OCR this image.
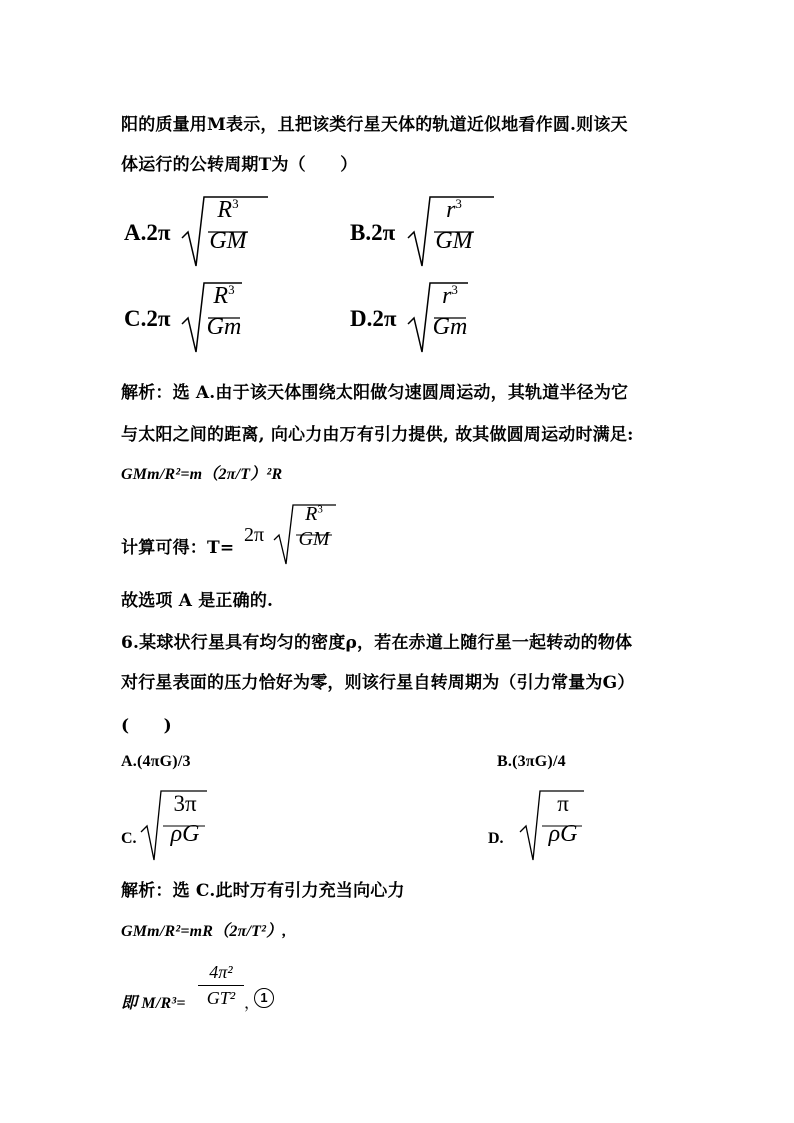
阳的质量用M表示，且把该类行星天体的轨道近似地看作圆.则该天
体运行的公转周期T为（　　）
A.2π
$R^3$
GM	B.2π
$r^3$
GM
C.2π
$R^3$
Gm	D.2π
$r^3$
Gm
解析：选 A.由于该天体围绕太阳做匀速圆周运动，其轨道半径为它
与太阳之间的距离, 向心力由万有引力提供, 故其做圆周运动时满足:
GMm/R²=m（2π/T）²R
计算可得：T=
2π
$R^3$
GM
故选项 A 是正确的.
6.某球状行星具有均匀的密度ρ，若在赤道上随行星一起转动的物体
对行星表面的压力恰好为零，则该行星自转周期为（引力常量为G）
(　　)
A.(4πG)/3	B.(3πG)/4
C.
3π
ρG	D.
π
ρG
解析：选 C.此时万有引力充当向心力
GMm/R²=mR（2π/T²）,
即 M/R³=
4π²
GT² ， 1
